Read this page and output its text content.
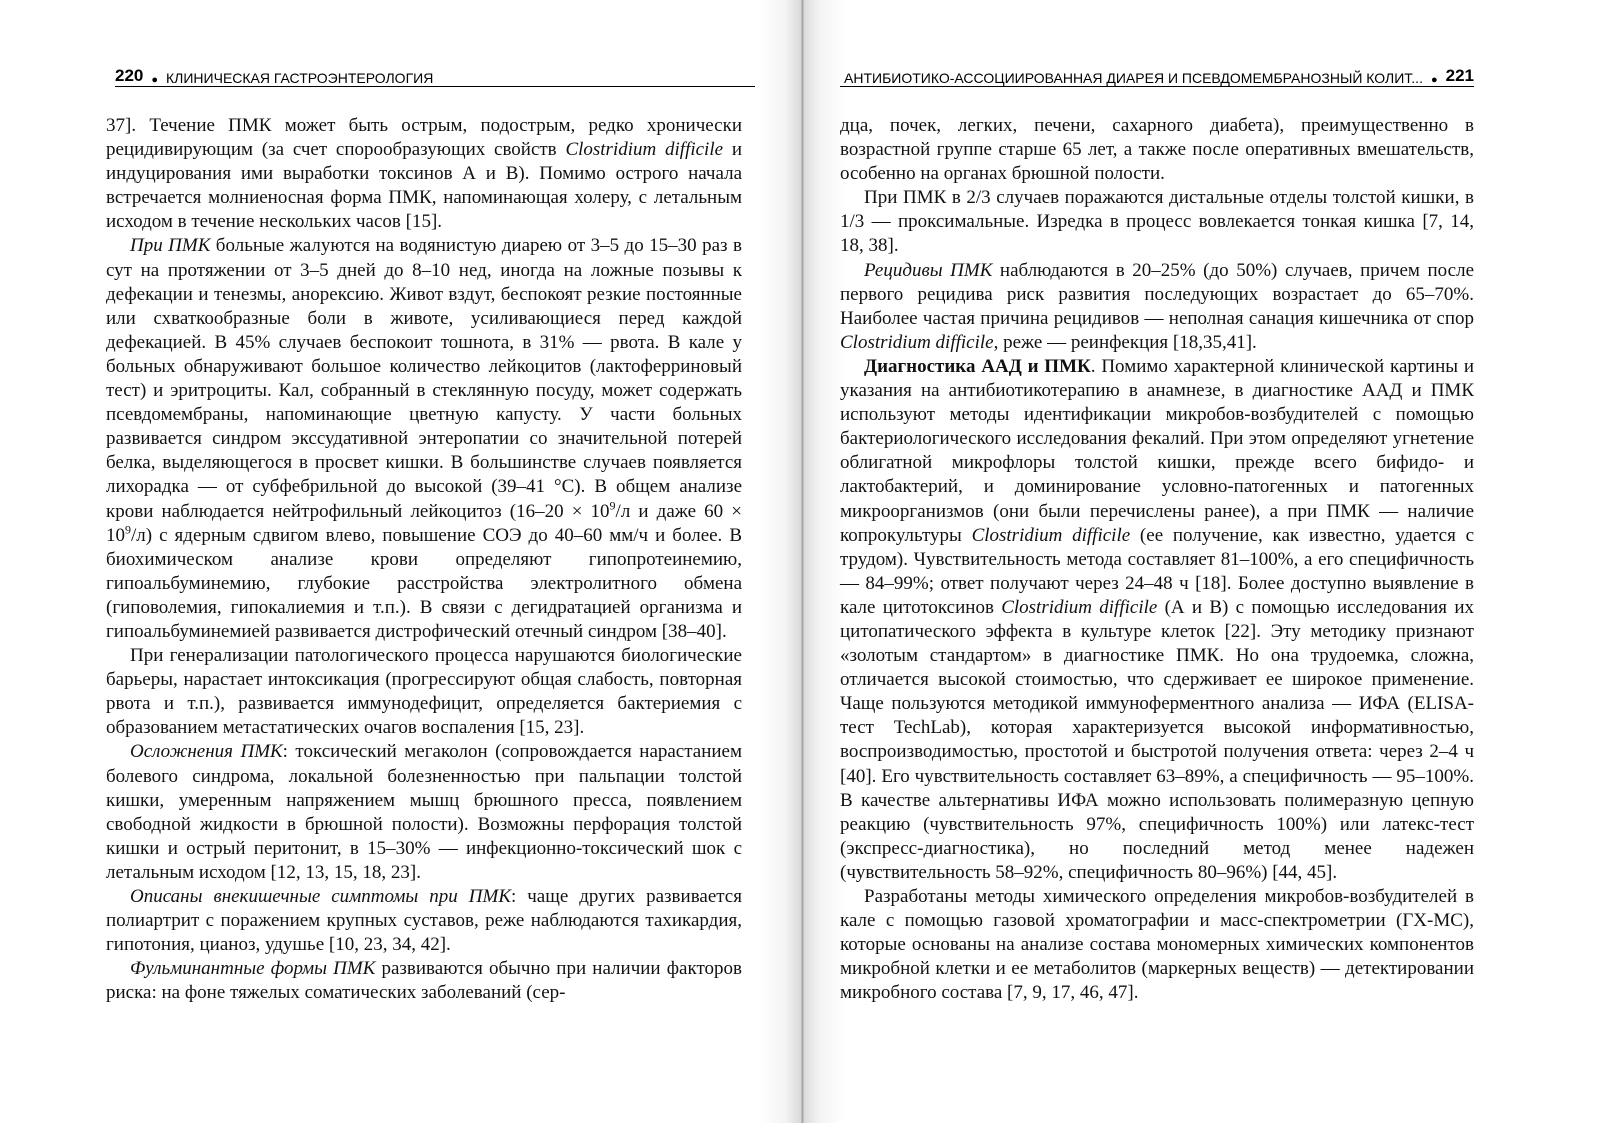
220 ● КЛИНИЧЕСКАЯ ГАСТРОЭНТЕРОЛОГИЯ

37]. Течение ПМК может быть острым, подострым, редко хронически рецидивирующим (за счет спорообразующих свойств Clostridium difficile и индуцирования ими выработки токсинов А и В). Помимо острого начала встречается молниеносная форма ПМК, напоминающая холеру, с летальным исходом в течение нескольких часов [15].

При ПМК больные жалуются на водянистую диарею от 3–5 до 15–30 раз в сут на протяжении от 3–5 дней до 8–10 нед, иногда на ложные позывы к дефекации и тенезмы, анорексию. Живот вздут, беспокоят резкие постоянные или схваткообразные боли в животе, усиливающиеся перед каждой дефекацией. В 45% случаев беспокоит тошнота, в 31% — рвота. В кале у больных обнаруживают большое количество лейкоцитов (лактоферриновый тест) и эритроциты. Кал, собранный в стеклянную посуду, может содержать псевдомембраны, напоминающие цветную капусту. У части больных развивается синдром экссудативной энтеропатии со значительной потерей белка, выделяющегося в просвет кишки. В большинстве случаев появляется лихорадка — от субфебрильной до высокой (39–41 °С). В общем анализе крови наблюдается нейтрофильный лейкоцитоз ($16-20 \times 10^9/л$ и даже $60 \times 10^9/л$) с ядерным сдвигом влево, повышение СОЭ до 40–60 мм/ч и более. В биохимическом анализе крови определяют гипопротеинемию, гипоальбуминемию, глубокие расстройства электролитного обмена (гиповолемия, гипокалиемия и т.п.). В связи с дегидратацией организма и гипоальбуминемией развивается дистрофический отечный синдром [38–40].

При генерализации патологического процесса нарушаются биологические барьеры, нарастает интоксикация (прогрессируют общая слабость, повторная рвота и т.п.), развивается иммунодефицит, определяется бактериемия с образованием метастатических очагов воспаления [15, 23].

Осложнения ПМК: токсический мегаколон (сопровождается нарастанием болевого синдрома, локальной болезненностью при пальпации толстой кишки, умеренным напряжением мышц брюшного пресса, появлением свободной жидкости в брюшной полости). Возможны перфорация толстой кишки и острый перитонит, в 15–30% — инфекционно-токсический шок с летальным исходом [12, 13, 15, 18, 23].

Описаны внекишечные симптомы при ПМК: чаще других развивается полиартрит с поражением крупных суставов, реже наблюдаются тахикардия, гипотония, цианоз, удушье [10, 23, 34, 42].

Фульминантные формы ПМК развиваются обычно при наличии факторов риска: на фоне тяжелых соматических заболеваний (сер-

АНТИБИОТИКО-АССОЦИИРОВАННАЯ ДИАРЕЯ И ПСЕВДОМЕМБРАНОЗНЫЙ КОЛИТ... ● 221

дца, почек, легких, печени, сахарного диабета), преимущественно в возрастной группе старше 65 лет, а также после оперативных вмешательств, особенно на органах брюшной полости.

При ПМК в 2/3 случаев поражаются дистальные отделы толстой кишки, в 1/3 — проксимальные. Изредка в процесс вовлекается тонкая кишка [7, 14, 18, 38].

Рецидивы ПМК наблюдаются в 20–25% (до 50%) случаев, причем после первого рецидива риск развития последующих возрастает до 65–70%. Наиболее частая причина рецидивов — неполная санация кишечника от спор Clostridium difficile, реже — реинфекция [18,35,41].

Диагностика ААД и ПМК. Помимо характерной клинической картины и указания на антибиотикотерапию в анамнезе, в диагностике ААД и ПМК используют методы идентификации микробов-возбудителей с помощью бактериологического исследования фекалий. При этом определяют угнетение облигатной микрофлоры толстой кишки, прежде всего бифидо- и лактобактерий, и доминирование условно-патогенных и патогенных микроорганизмов (они были перечислены ранее), а при ПМК — наличие копрокультуры Clostridium difficile (ее получение, как известно, удается с трудом). Чувствительность метода составляет 81–100%, а его специфичность — 84–99%; ответ получают через 24–48 ч [18]. Более доступно выявление в кале цитотоксинов Clostridium difficile (А и В) с помощью исследования их цитопатического эффекта в культуре клеток [22]. Эту методику признают «золотым стандартом» в диагностике ПМК. Но она трудоемка, сложна, отличается высокой стоимостью, что сдерживает ее широкое применение. Чаще пользуются методикой иммуноферментного анализа — ИФА (ELISA-тест TechLab), которая характеризуется высокой информативностью, воспроизводимостью, простотой и быстротой получения ответа: через 2–4 ч [40]. Его чувствительность составляет 63–89%, а специфичность — 95–100%. В качестве альтернативы ИФА можно использовать полимеразную цепную реакцию (чувствительность 97%, специфичность 100%) или латекс-тест (экспресс-диагностика), но последний метод менее надежен (чувствительность 58–92%, специфичность 80–96%) [44, 45].

Разработаны методы химического определения микробов-возбудителей в кале с помощью газовой хроматографии и масс-спектрометрии (ГХ-МС), которые основаны на анализе состава мономерных химических компонентов микробной клетки и ее метаболитов (маркерных веществ) — детектировании микробного состава [7, 9, 17, 46, 47].
